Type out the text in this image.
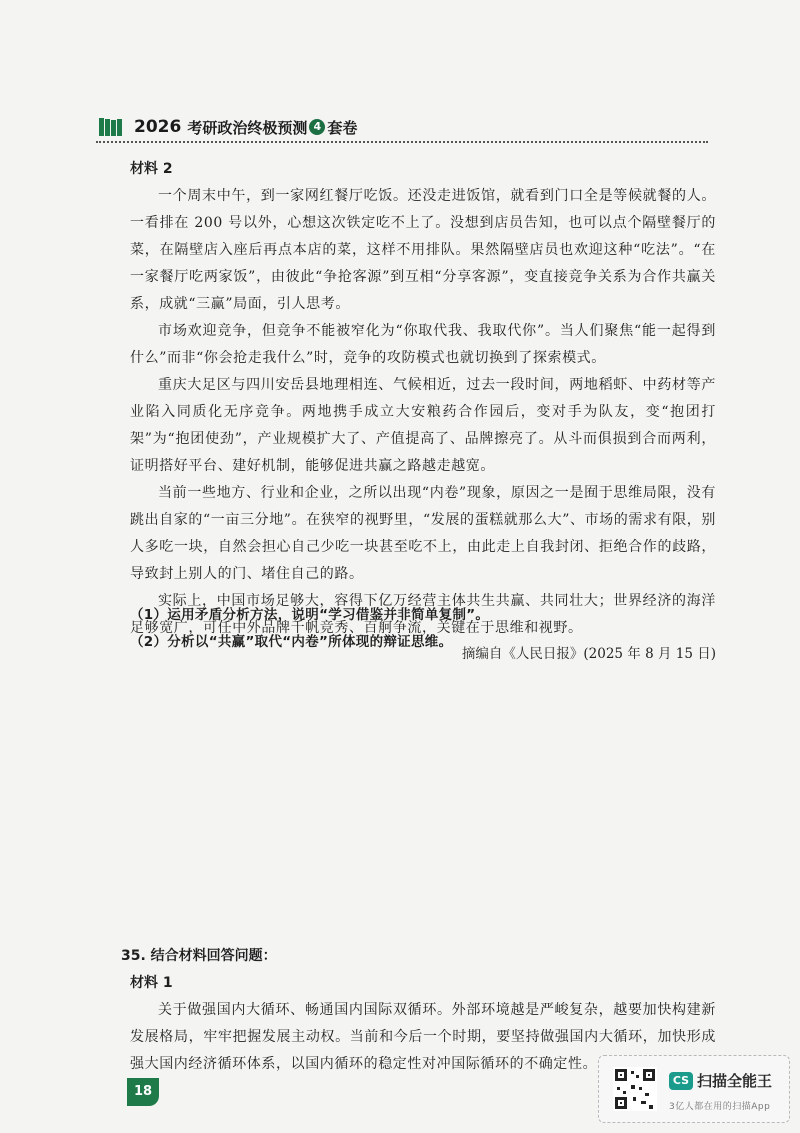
2026 考研政治终极预测 4 套卷
材料 2

一个周末中午，到一家网红餐厅吃饭。还没走进饭馆，就看到门口全是等候就餐的人。一看排在 200 号以外，心想这次铁定吃不上了。没想到店员告知，也可以点个隔壁餐厅的菜，在隔壁店入座后再点本店的菜，这样不用排队。果然隔壁店员也欢迎这种“吃法”。“在一家餐厅吃两家饭”，由彼此“争抢客源”到互相“分享客源”，变直接竞争关系为合作共赢关系，成就“三赢”局面，引人思考。

市场欢迎竞争，但竞争不能被窄化为“你取代我、我取代你”。当人们聚焦“能一起得到什么”而非“你会抢走我什么”时，竞争的攻防模式也就切换到了探索模式。

重庆大足区与四川安岳县地理相连、气候相近，过去一段时间，两地稻虾、中药材等产业陷入同质化无序竞争。两地携手成立大安粮药合作园后，变对手为队友，变“抱团打架”为“抱团使劲”，产业规模扩大了、产值提高了、品牌擦亮了。从斗而俱损到合而两利，证明搭好平台、建好机制，能够促进共赢之路越走越宽。

当前一些地方、行业和企业，之所以出现“内卷”现象，原因之一是囿于思维局限，没有跳出自家的“一亩三分地”。在狭窄的视野里，“发展的蛋糕就那么大”、市场的需求有限，别人多吃一块，自然会担心自己少吃一块甚至吃不上，由此走上自我封闭、拒绝合作的歧路，导致封上别人的门、堵住自己的路。

实际上，中国市场足够大，容得下亿万经营主体共生共赢、共同壮大；世界经济的海洋足够宽广，可任中外品牌千帆竞秀、百舸争流，关键在于思维和视野。

摘编自《人民日报》(2025 年 8 月 15 日)

（1）运用矛盾分析方法，说明“学习借鉴并非简单复制”。
（2）分析以“共赢”取代“内卷”所体现的辩证思维。
35. 结合材料回答问题：
材料 1

关于做强国内大循环、畅通国内国际双循环。外部环境越是严峻复杂，越要加快构建新发展格局，牢牢把握发展主动权。当前和今后一个时期，要坚持做强国内大循环，加快形成强大国内经济循环体系，以国内循环的稳定性对冲国际循环的不确定性。

18
CS 扫描全能王
3亿人都在用的扫描App
